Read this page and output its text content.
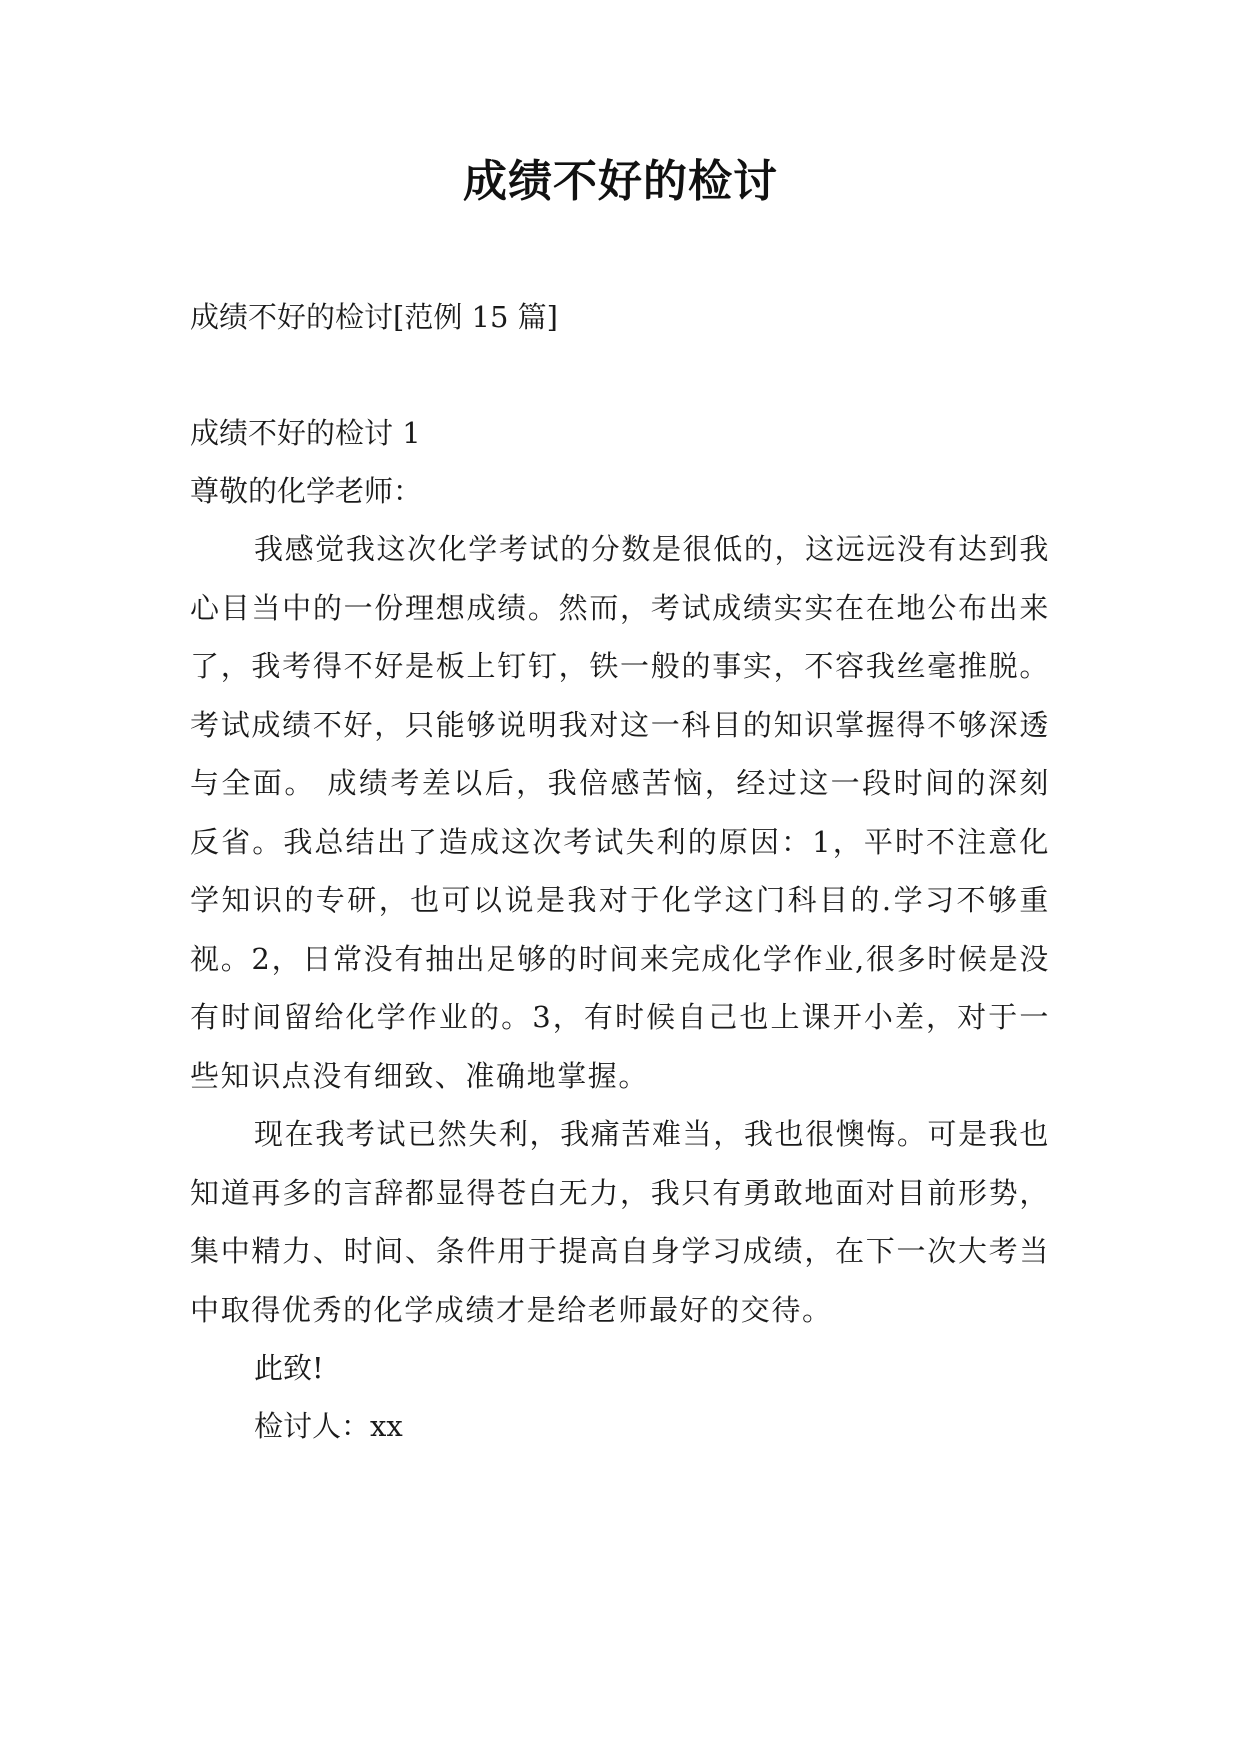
成绩不好的检讨
成绩不好的检讨[范例 15 篇]
成绩不好的检讨 1
尊敬的化学老师：
我感觉我这次化学考试的分数是很低的，这远远没有达到我心目当中的一份理想成绩。然而，考试成绩实实在在地公布出来了，我考得不好是板上钉钉，铁一般的事实，不容我丝毫推脱。考试成绩不好，只能够说明我对这一科目的知识掌握得不够深透与全面。 成绩考差以后，我倍感苦恼，经过这一段时间的深刻反省。我总结出了造成这次考试失利的原因：1，平时不注意化学知识的专研，也可以说是我对于化学这门科目的.学习不够重视。2，日常没有抽出足够的时间来完成化学作业,很多时候是没有时间留给化学作业的。3，有时候自己也上课开小差，对于一些知识点没有细致、准确地掌握。
现在我考试已然失利，我痛苦难当，我也很懊悔。可是我也知道再多的言辞都显得苍白无力，我只有勇敢地面对目前形势，集中精力、时间、条件用于提高自身学习成绩，在下一次大考当中取得优秀的化学成绩才是给老师最好的交待。
此致!
检讨人：xx
